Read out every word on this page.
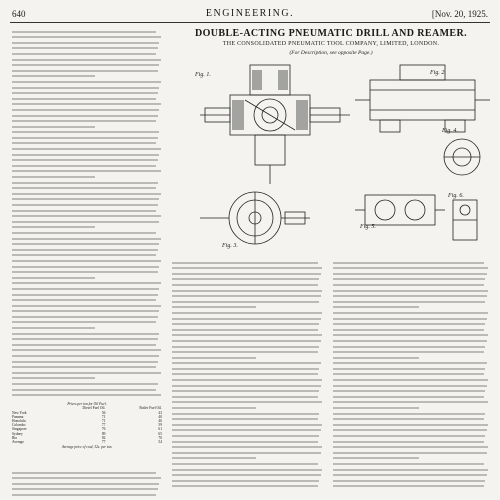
640	ENGINEERING.	[Nov. 20, 1925.
Prices per ton for Oil Fuel.
	Diesel Fuel Oil.	Boiler Fuel Oil.
New York	56	43
Panama	71	40
Honolulu	71	46
Colombo	77	59
Singapore	76	61
Sydney	89	65
Rio	82	70
Average	77	54
Average price of coal, 32s. per ton.
DOUBLE-ACTING PNEUMATIC DRILL AND REAMER.
THE CONSOLIDATED PNEUMATIC TOOL COMPANY, LIMITED, LONDON.
(For Description, see opposite Page.)
Fig. 1.	Fig. 2.
Fig. 3.
Fig. 4.
Fig. 5.
Fig. 6.
